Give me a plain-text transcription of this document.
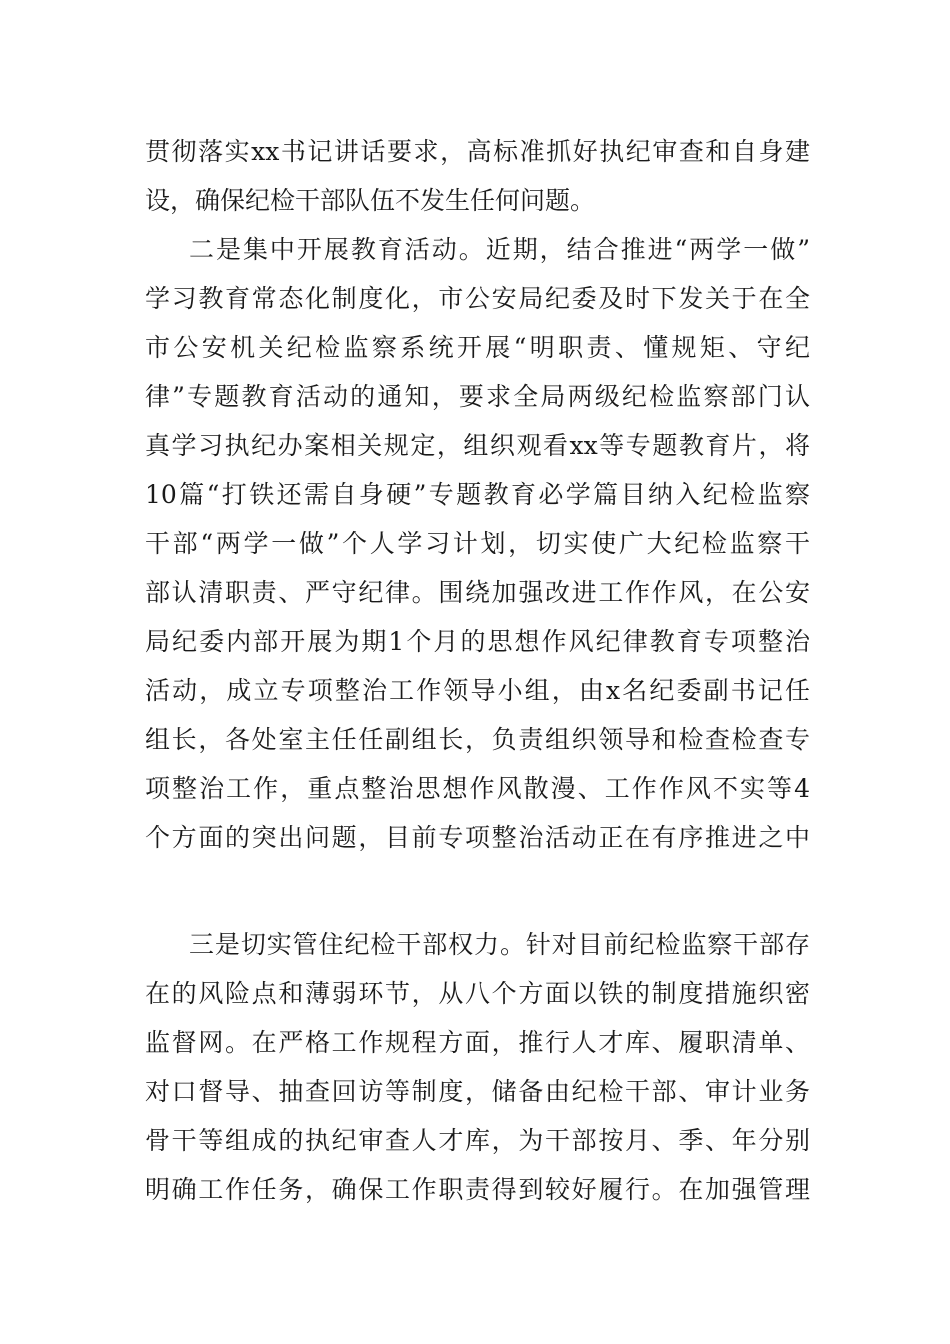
贯彻落实xx书记讲话要求，高标准抓好执纪审查和自身建
设，确保纪检干部队伍不发生任何问题。
二是集中开展教育活动。近期，结合推进“两学一做”
学习教育常态化制度化，市公安局纪委及时下发关于在全
市公安机关纪检监察系统开展“明职责、懂规矩、守纪
律”专题教育活动的通知，要求全局两级纪检监察部门认
真学习执纪办案相关规定，组织观看xx等专题教育片，将
10篇“打铁还需自身硬”专题教育必学篇目纳入纪检监察
干部“两学一做”个人学习计划，切实使广大纪检监察干
部认清职责、严守纪律。围绕加强改进工作作风，在公安
局纪委内部开展为期1个月的思想作风纪律教育专项整治
活动，成立专项整治工作领导小组，由x名纪委副书记任
组长，各处室主任任副组长，负责组织领导和检查检查专
项整治工作，重点整治思想作风散漫、工作作风不实等4
个方面的突出问题，目前专项整治活动正在有序推进之中
三是切实管住纪检干部权力。针对目前纪检监察干部存
在的风险点和薄弱环节，从八个方面以铁的制度措施织密
监督网。在严格工作规程方面，推行人才库、履职清单、
对口督导、抽查回访等制度，储备由纪检干部、审计业务
骨干等组成的执纪审查人才库，为干部按月、季、年分别
明确工作任务，确保工作职责得到较好履行。在加强管理
